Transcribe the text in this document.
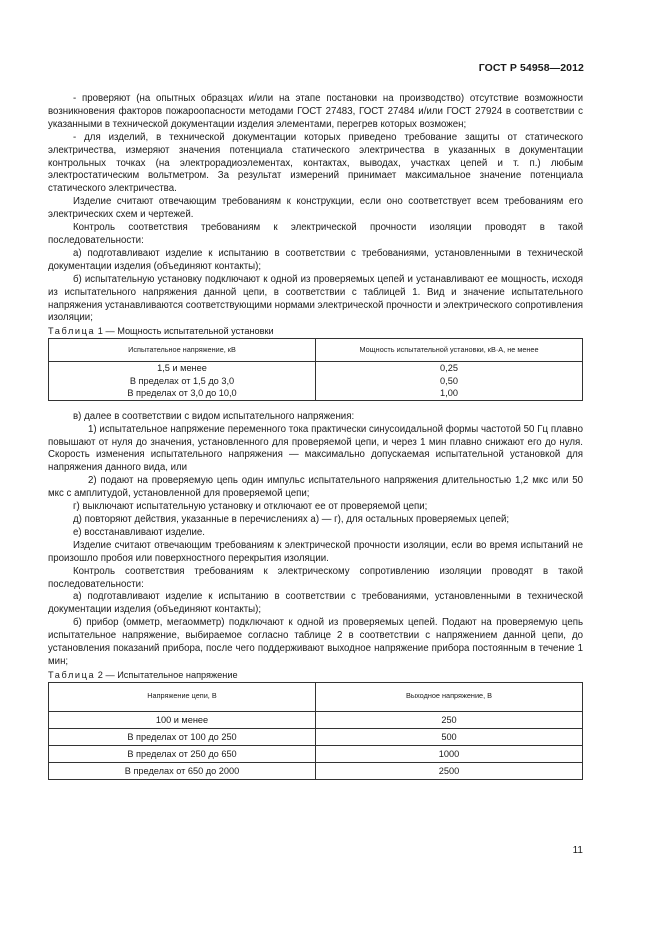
ГОСТ Р 54958—2012

- проверяют (на опытных образцах и/или на этапе постановки на производство) отсутствие возможности возникновения факторов пожароопасности методами ГОСТ 27483, ГОСТ 27484 и/или ГОСТ 27924 в соответствии с указанными в технической документации изделия элементами, перегрев которых возможен;

- для изделий, в технической документации которых приведено требование защиты от статического электричества, измеряют значения потенциала статического электричества в указанных в документации контрольных точках (на электрорадиоэлементах, контактах, выводах, участках цепей и т. п.) любым электростатическим вольтметром. За результат измерений принимает максимальное значение потенциала статического электричества.

Изделие считают отвечающим требованиям к конструкции, если оно соответствует всем требованиям его электрических схем и чертежей.

Контроль соответствия требованиям к электрической прочности изоляции проводят в такой последовательности:

а) подготавливают изделие к испытанию в соответствии с требованиями, установленными в технической документации изделия (объединяют контакты);

б) испытательную установку подключают к одной из проверяемых цепей и устанавливают ее мощность, исходя из испытательного напряжения данной цепи, в соответствии с таблицей 1. Вид и значение испытательного напряжения устанавливаются соответствующими нормами электрической прочности и электрического сопротивления изоляции;

Таблица 1 — Мощность испытательной установки

Испытательное напряжение, кВ	Мощность испытательной установки, кВ·А, не менее
1,5 и менее	0,25
В пределах от 1,5 до 3,0	0,50
В пределах от 3,0 до 10,0	1,00

в) далее в соответствии с видом испытательного напряжения:

1) испытательное напряжение переменного тока практически синусоидальной формы частотой 50 Гц плавно повышают от нуля до значения, установленного для проверяемой цепи, и через 1 мин плавно снижают его до нуля. Скорость изменения испытательного напряжения — максимально допускаемая испытательной установкой для напряжения данного вида, или

2) подают на проверяемую цепь один импульс испытательного напряжения длительностью 1,2 мкс или 50 мкс с амплитудой, установленной для проверяемой цепи;

г) выключают испытательную установку и отключают ее от проверяемой цепи;

д) повторяют действия, указанные в перечислениях а) — г), для остальных проверяемых цепей;

е) восстанавливают изделие.

Изделие считают отвечающим требованиям к электрической прочности изоляции, если во время испытаний не произошло пробоя или поверхностного перекрытия изоляции.

Контроль соответствия требованиям к электрическому сопротивлению изоляции проводят в такой последовательности:

а) подготавливают изделие к испытанию в соответствии с требованиями, установленными в технической документации изделия (объединяют контакты);

б) прибор (омметр, мегаомметр) подключают к одной из проверяемых цепей. Подают на проверяемую цепь испытательное напряжение, выбираемое согласно таблице 2 в соответствии с напряжением данной цепи, до установления показаний прибора, после чего поддерживают выходное напряжение прибора постоянным в течение 1 мин;

Таблица 2 — Испытательное напряжение

Напряжение цепи, В	Выходное напряжение, В
100 и менее	250
В пределах от 100 до 250	500
В пределах от 250 до 650	1000
В пределах от 650 до 2000	2500
11
